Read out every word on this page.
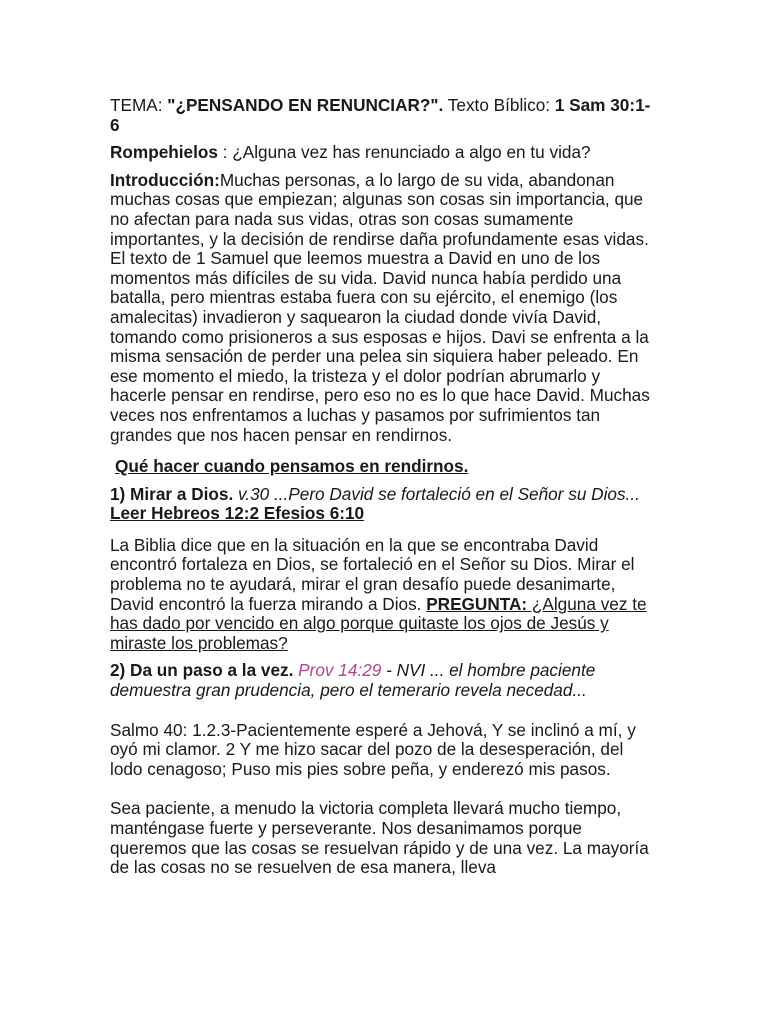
TEMA: "¿PENSANDO EN RENUNCIAR?". Texto Bíblico: 1 Sam 30:1-6

Rompehielos : ¿Alguna vez has renunciado a algo en tu vida?

Introducción:Muchas personas, a lo largo de su vida, abandonan muchas cosas que empiezan; algunas son cosas sin importancia, que no afectan para nada sus vidas, otras son cosas sumamente importantes, y la decisión de rendirse daña profundamente esas vidas. El texto de 1 Samuel que leemos muestra a David en uno de los momentos más difíciles de su vida. David nunca había perdido una batalla, pero mientras estaba fuera con su ejército, el enemigo (los amalecitas) invadieron y saquearon la ciudad donde vivía David, tomando como prisioneros a sus esposas e hijos. Davi se enfrenta a la misma sensación de perder una pelea sin siquiera haber peleado. En ese momento el miedo, la tristeza y el dolor podrían abrumarlo y hacerle pensar en rendirse, pero eso no es lo que hace David. Muchas veces nos enfrentamos a luchas y pasamos por sufrimientos tan grandes que nos hacen pensar en rendirnos.

Qué hacer cuando pensamos en rendirnos.

1) Mirar a Dios. v.30 ...Pero David se fortaleció en el Señor su Dios... Leer Hebreos 12:2 Efesios 6:10

La Biblia dice que en la situación en la que se encontraba David encontró fortaleza en Dios, se fortaleció en el Señor su Dios. Mirar el problema no te ayudará, mirar el gran desafío puede desanimarte, David encontró la fuerza mirando a Dios. PREGUNTA: ¿Alguna vez te has dado por vencido en algo porque quitaste los ojos de Jesús y miraste los problemas?

2) Da un paso a la vez. Prov 14:29 - NVI ... el hombre paciente demuestra gran prudencia, pero el temerario revela necedad...

Salmo 40: 1.2.3-Pacientemente esperé a Jehová, Y se inclinó a mí, y oyó mi clamor. 2 Y me hizo sacar del pozo de la desesperación, del lodo cenagoso; Puso mis pies sobre peña, y enderezó mis pasos.

Sea paciente, a menudo la victoria completa llevará mucho tiempo, manténgase fuerte y perseverante. Nos desanimamos porque queremos que las cosas se resuelvan rápido y de una vez. La mayoría de las cosas no se resuelven de esa manera, lleva
